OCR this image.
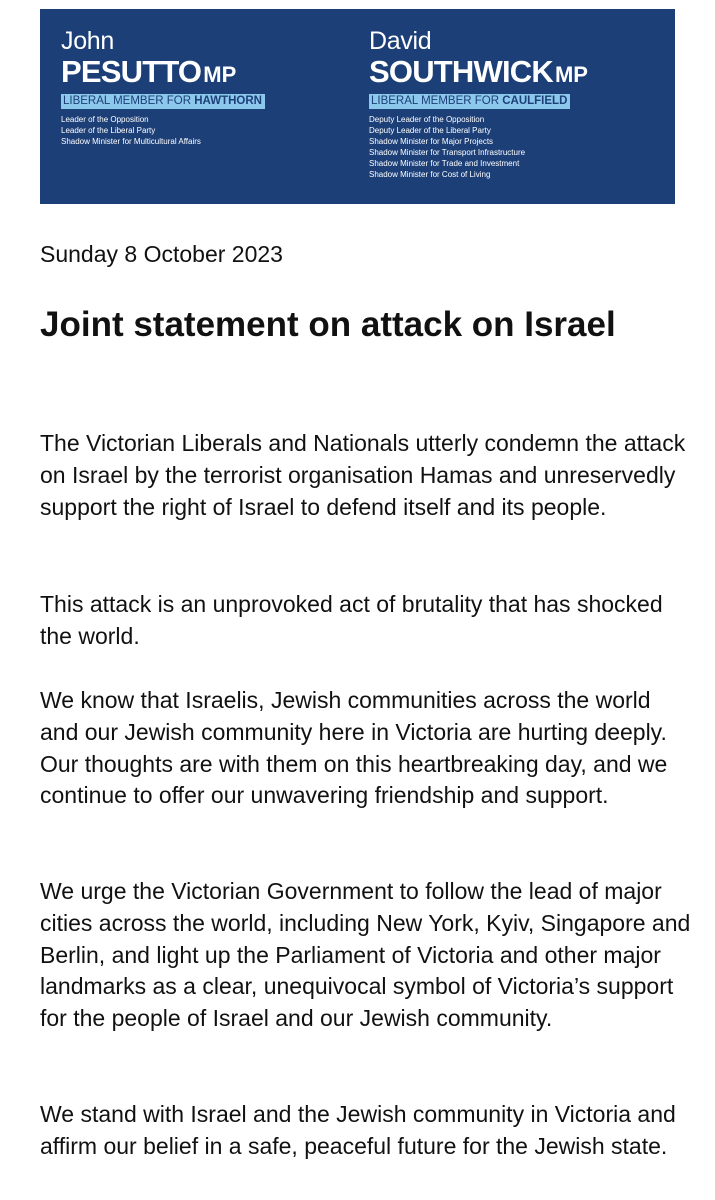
John
PESUTTOMP
LIBERAL MEMBER FOR HAWTHORN
Leader of the Opposition
Leader of the Liberal Party
Shadow Minister for Multicultural Affairs
David
SOUTHWICKMP
LIBERAL MEMBER FOR CAULFIELD
Deputy Leader of the Opposition
Deputy Leader of the Liberal Party
Shadow Minister for Major Projects
Shadow Minister for Transport Infrastructure
Shadow Minister for Trade and Investment
Shadow Minister for Cost of Living
Sunday 8 October 2023
Joint statement on attack on Israel

The Victorian Liberals and Nationals utterly condemn the attack on Israel by the terrorist organisation Hamas and unreservedly support the right of Israel to defend itself and its people.

This attack is an unprovoked act of brutality that has shocked the world.

We know that Israelis, Jewish communities across the world and our Jewish community here in Victoria are hurting deeply. Our thoughts are with them on this heartbreaking day, and we continue to offer our unwavering friendship and support.

We urge the Victorian Government to follow the lead of major cities across the world, including New York, Kyiv, Singapore and Berlin, and light up the Parliament of Victoria and other major landmarks as a clear, unequivocal symbol of Victoria’s support for the people of Israel and our Jewish community.

We stand with Israel and the Jewish community in Victoria and affirm our belief in a safe, peaceful future for the Jewish state.
